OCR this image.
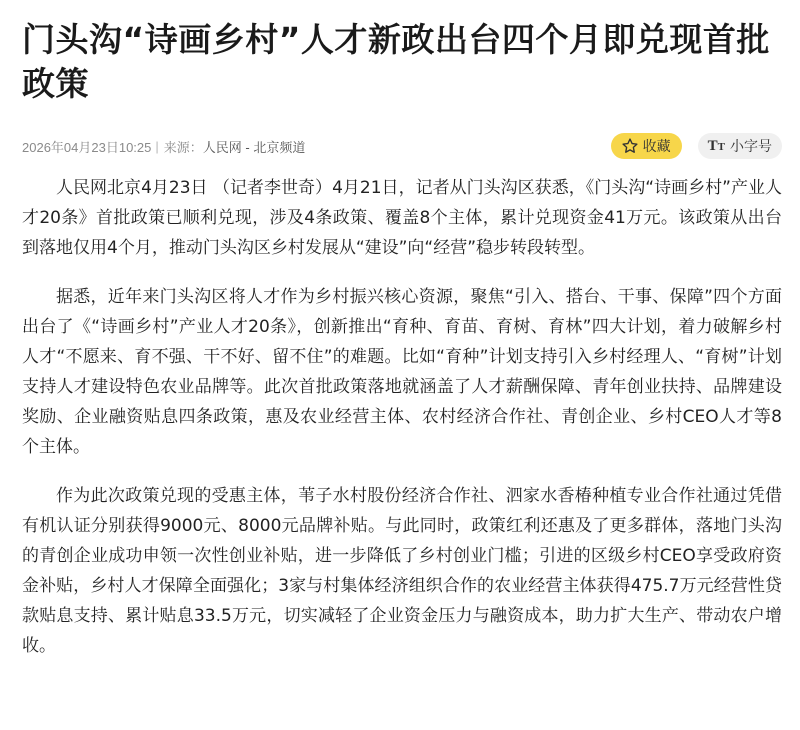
门头沟“诗画乡村”人才新政出台四个月即兑现首批政策
2026年04月23日10:25 | 来源： 人民网 - 北京频道	收藏 TT 小字号

人民网北京4月23日 （记者李世奇）4月21日，记者从门头沟区获悉，《门头沟“诗画乡村”产业人才20条》首批政策已顺利兑现，涉及4条政策、覆盖8个主体，累计兑现资金41万元。该政策从出台到落地仅用4个月，推动门头沟区乡村发展从“建设”向“经营”稳步转段转型。

据悉，近年来门头沟区将人才作为乡村振兴核心资源，聚焦“引入、搭台、干事、保障”四个方面出台了《“诗画乡村”产业人才20条》，创新推出“育种、育苗、育树、育林”四大计划，着力破解乡村人才“不愿来、育不强、干不好、留不住”的难题。比如“育种”计划支持引入乡村经理人、“育树”计划支持人才建设特色农业品牌等。此次首批政策落地就涵盖了人才薪酬保障、青年创业扶持、品牌建设奖励、企业融资贴息四条政策，惠及农业经营主体、农村经济合作社、青创企业、乡村CEO人才等8个主体。

作为此次政策兑现的受惠主体，苇子水村股份经济合作社、泗家水香椿种植专业合作社通过凭借有机认证分别获得9000元、8000元品牌补贴。与此同时，政策红利还惠及了更多群体，落地门头沟的青创企业成功申领一次性创业补贴，进一步降低了乡村创业门槛；引进的区级乡村CEO享受政府资金补贴，乡村人才保障全面强化；3家与村集体经济组织合作的农业经营主体获得475.7万元经营性贷款贴息支持、累计贴息33.5万元，切实减轻了企业资金压力与融资成本，助力扩大生产、带动农户增收。
